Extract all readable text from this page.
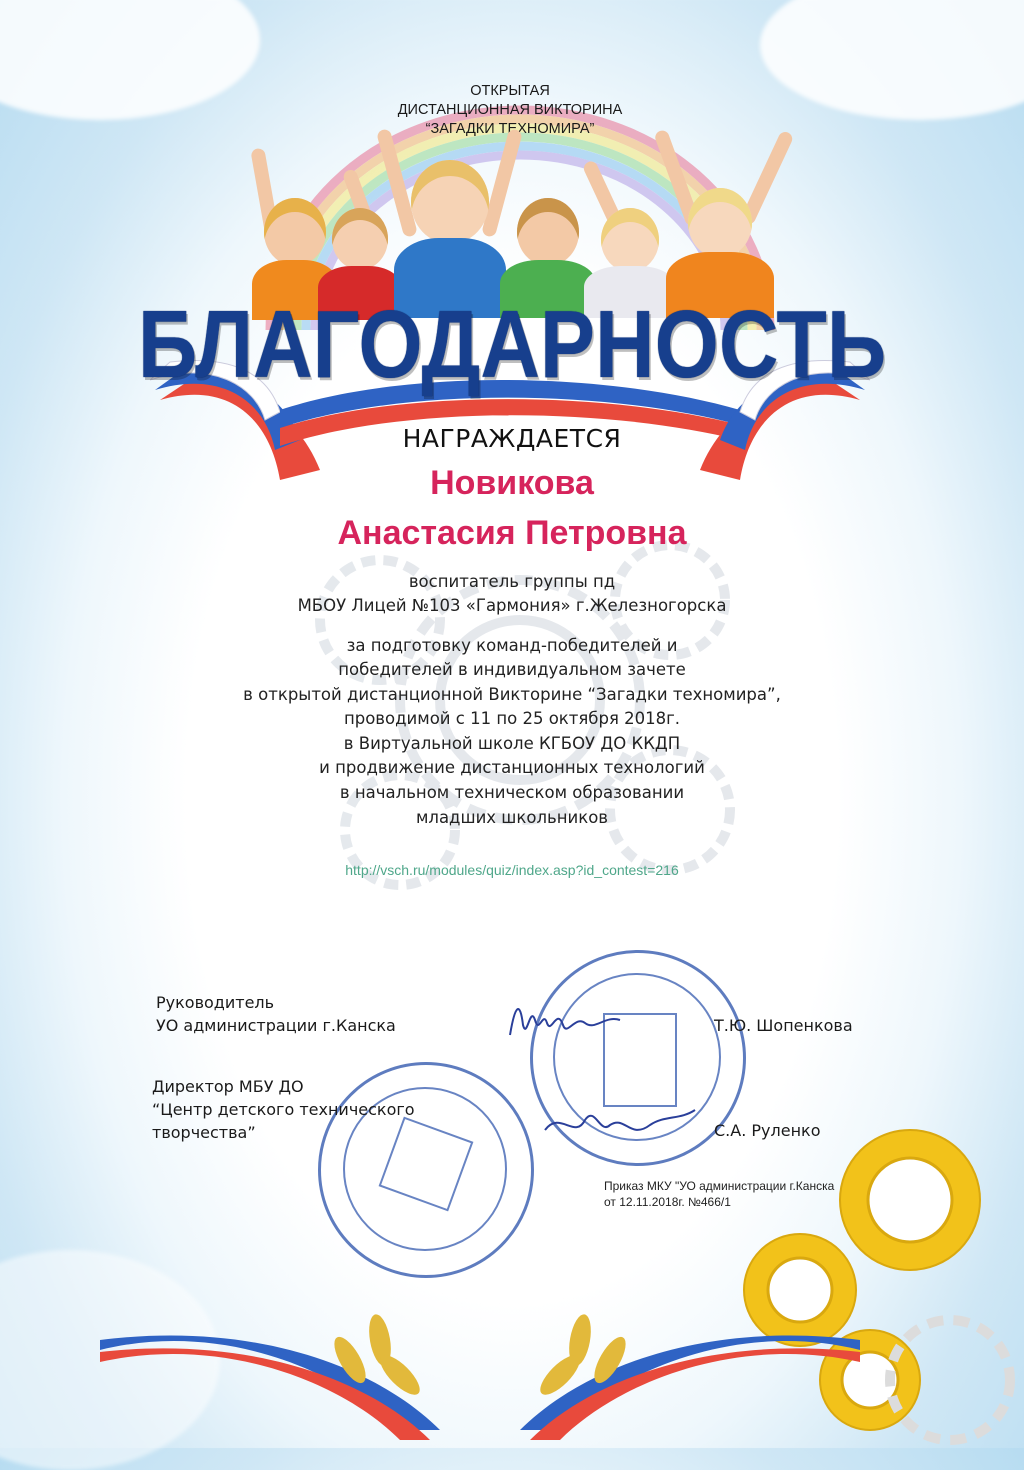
ОТКРЫТАЯ
ДИСТАНЦИОННАЯ ВИКТОРИНА
“ЗАГАДКИ ТЕХНОМИРА”
БЛАГОДАРНОСТЬ
НАГРАЖДАЕТСЯ
Новикова
Анастасия Петровна
воспитатель группы пд
МБОУ Лицей №103 «Гармония» г.Железногорска
за подготовку команд-победителей и
победителей в индивидуальном зачете
в открытой дистанционной Викторине “Загадки техномира”,
проводимой с 11 по 25 октября 2018г.
в Виртуальной школе КГБОУ ДО ККДП
и продвижение дистанционных технологий
в начальном техническом образовании
младших школьников
http://vsch.ru/modules/quiz/index.asp?id_contest=216
Руководитель
УО администрации г.Канска	Т.Ю. Шопенкова
Директор МБУ ДО
“Центр детского технического
творчества”	С.А. Руленко
Приказ МКУ "УО администрации г.Канска
от 12.11.2018г. №466/1
